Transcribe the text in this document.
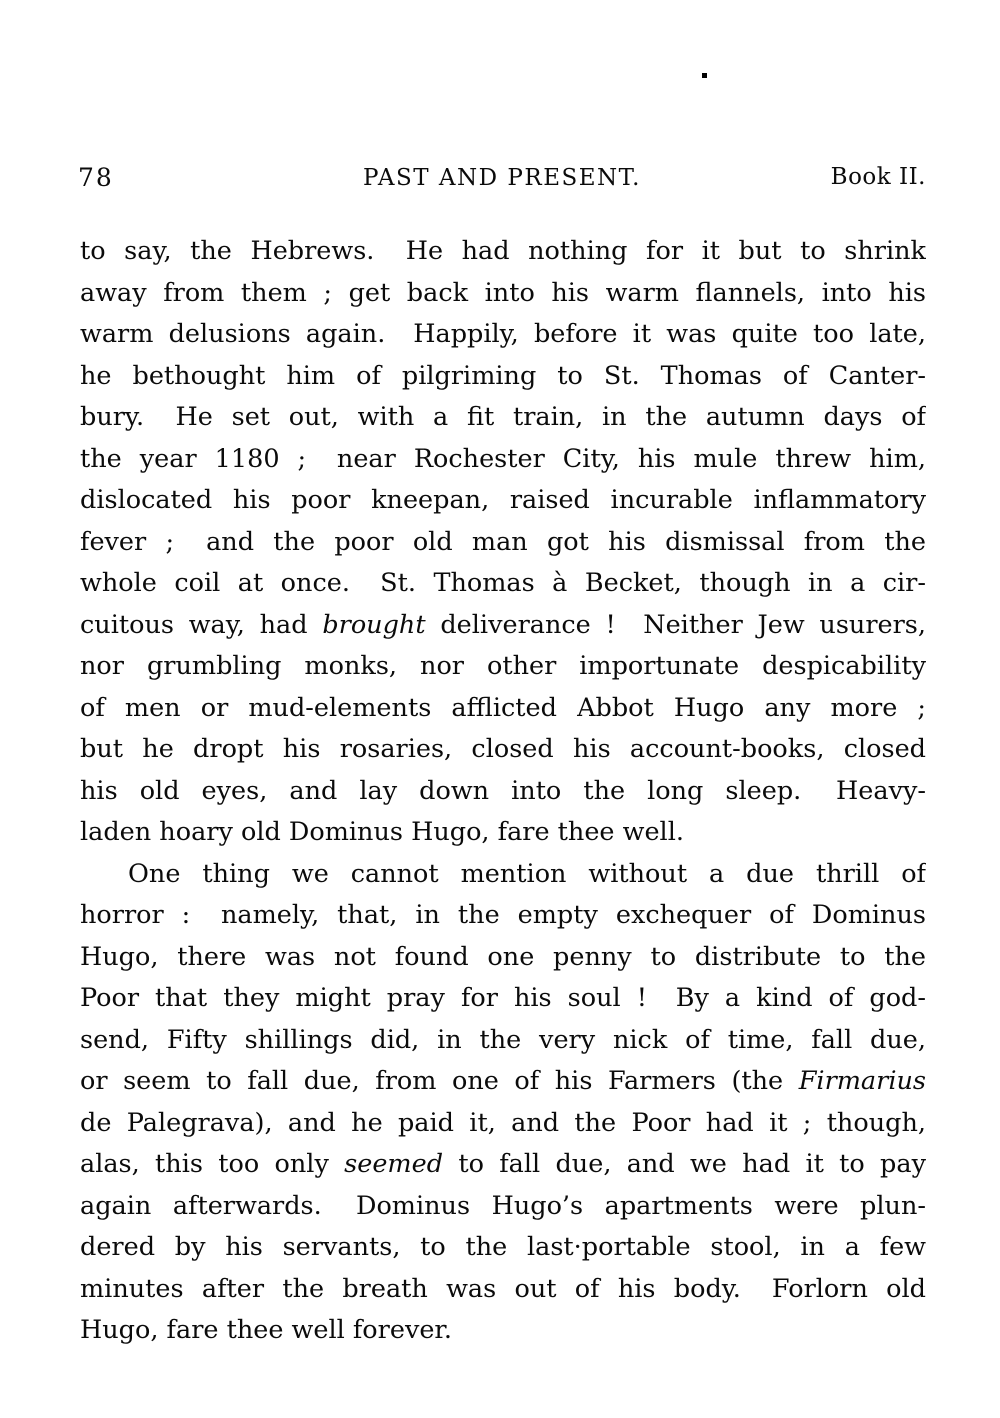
78	PAST AND PRESENT.	Book II.
to say, the Hebrews.  He had nothing for it but to shrink
away from them ; get back into his warm flannels, into his
warm delusions again.  Happily, before it was quite too late,
he bethought him of pilgriming to St. Thomas of Canter-
bury.  He set out, with a fit train, in the autumn days of
the year 1180 ;  near Rochester City, his mule threw him,
dislocated his poor kneepan, raised incurable inflammatory
fever ;  and the poor old man got his dismissal from the
whole coil at once.  St. Thomas à Becket, though in a cir-
cuitous way, had brought deliverance !  Neither Jew usurers,
nor grumbling monks, nor other importunate despicability
of men or mud-elements afflicted Abbot Hugo any more ;
but he dropt his rosaries, closed his account-books, closed
his old eyes, and lay down into the long sleep.  Heavy-
laden hoary old Dominus Hugo, fare thee well.
One thing we cannot mention without a due thrill of
horror :  namely, that, in the empty exchequer of Dominus
Hugo, there was not found one penny to distribute to the
Poor that they might pray for his soul !  By a kind of god-
send, Fifty shillings did, in the very nick of time, fall due,
or seem to fall due, from one of his Farmers (the Firmarius
de Palegrava), and he paid it, and the Poor had it ; though,
alas, this too only seemed to fall due, and we had it to pay
again afterwards.  Dominus Hugo’s apartments were plun-
dered by his servants, to the last·portable stool, in a few
minutes after the breath was out of his body.  Forlorn old
Hugo, fare thee well forever.
